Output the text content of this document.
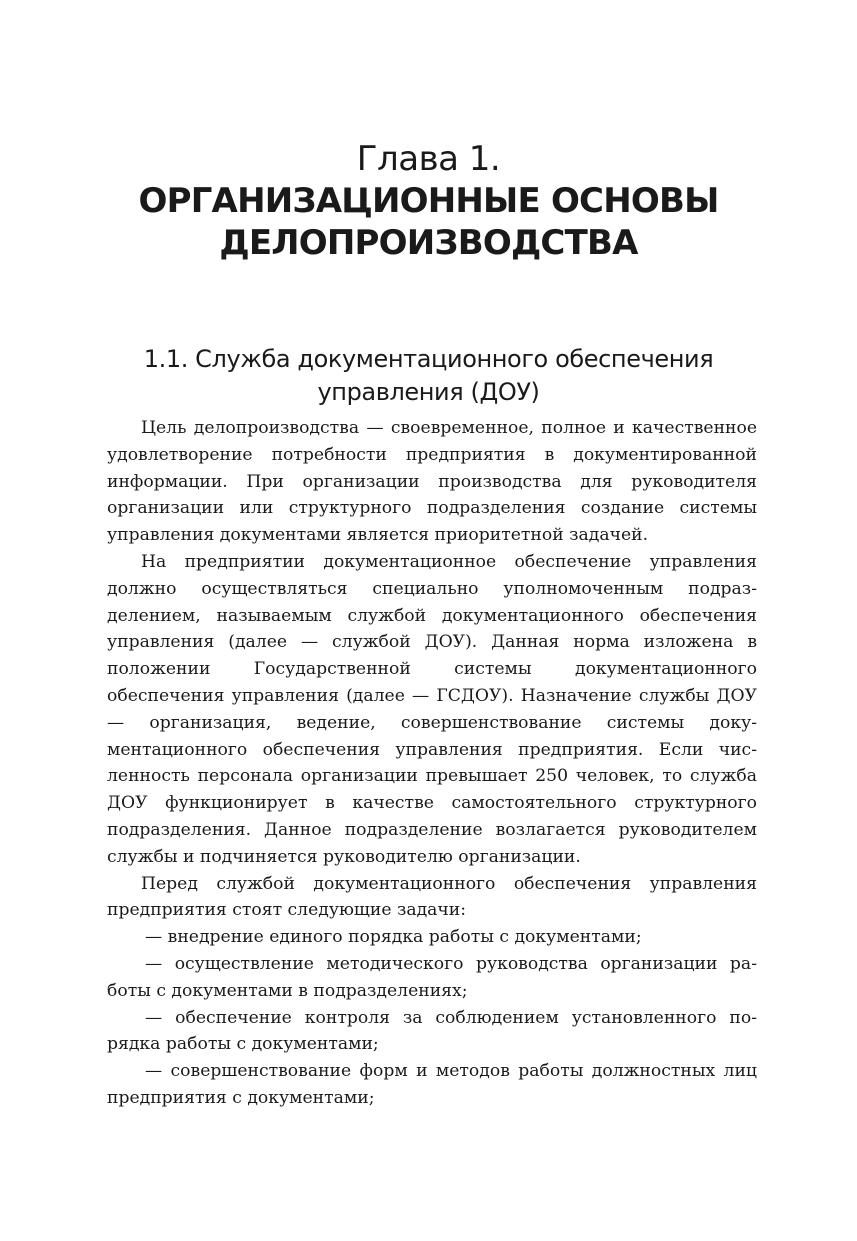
Глава 1.
ОРГАНИЗАЦИОННЫЕ ОСНОВЫ
ДЕЛОПРОИЗВОДСТВА
1.1. Служба документационного обеспечения
управления (ДОУ)

Цель делопроизводства — своевременное, полное и качественное удовлетворение потребности предприятия в документированной информации. При организации производства для руководителя организации или структурного подразделения создание системы управления документами является приоритетной задачей.

На предприятии документационное обеспечение управления должно осуществляться специально уполномоченным подразделением, называемым службой документационного обеспечения управления (далее — службой ДОУ). Данная норма изложена в положении Государственной системы документационного обеспечения управления (далее — ГСДОУ). Назначение службы ДОУ — организация, ведение, совершенствование системы документационного обеспечения управления предприятия. Если численность персонала организации превышает 250 человек, то служба ДОУ функционирует в качестве самостоятельного структурного подразделения. Данное подразделение возлагается руководителем службы и подчиняется руководителю организации.

Перед службой документационного обеспечения управления предприятия стоят следующие задачи:

— внедрение единого порядка работы с документами;

— осуществление методического руководства организации работы с документами в подразделениях;

— обеспечение контроля за соблюдением установленного порядка работы с документами;

— совершенствование форм и методов работы должностных лиц предприятия с документами;
